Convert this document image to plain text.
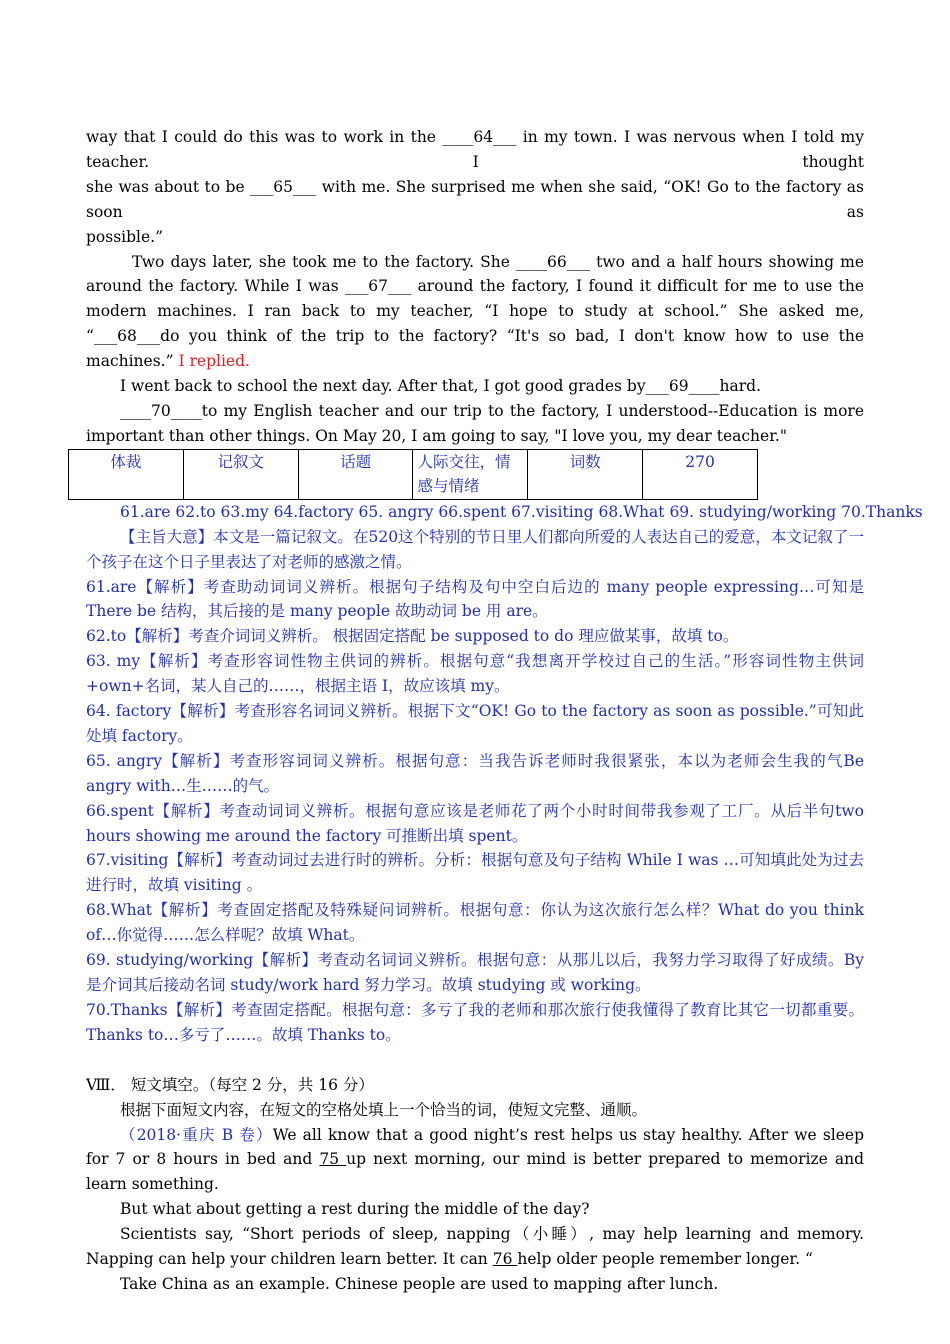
way that I could do this was to work in the ____64___ in my town. I was nervous when I told my teacher. I thought

she was about to be ___65___ with me. She surprised me when she said, “OK! Go to the factory as soon as

possible.”

Two days later, she took me to the factory. She ____66___ two and a half hours showing me around the factory. While I was ___67___ around the factory, I found it difficult for me to use the modern machines. I ran back to my teacher, “I hope to study at school.” She asked me, “___68___do you think of the trip to the factory? “It's so bad, I don't know how to use the machines.” I replied.

I went back to school the next day. After that, I got good grades by___69____hard.

____70____to my English teacher and our trip to the factory, I understood--Education is more important than other things. On May 20, I am going to say, "I love you, my dear teacher."

体裁	记叙文	话题	人际交往，情感与情绪	词数	270

61.are 62.to 63.my 64.factory 65. angry 66.spent 67.visiting 68.What 69. studying/working 70.Thanks

【主旨大意】本文是一篇记叙文。在520这个特别的节日里人们都向所爱的人表达自己的爱意，本文记叙了一个孩子在这个日子里表达了对老师的感激之情。

61.are【解析】考查助动词词义辨析。根据句子结构及句中空白后边的 many people expressing…可知是 There be 结构，其后接的是 many people 故助动词 be 用 are。

62.to【解析】考查介词词义辨析。 根据固定搭配 be supposed to do 理应做某事，故填 to。

63. my【解析】考查形容词性物主供词的辨析。根据句意“我想离开学校过自己的生活。”形容词性物主供词+own+名词，某人自己的……，根据主语 I，故应该填 my。

64. factory【解析】考查形容名词词义辨析。根据下文“OK! Go to the factory as soon as possible.”可知此处填 factory。

65. angry【解析】考查形容词词义辨析。根据句意：当我告诉老师时我很紧张，本以为老师会生我的气Be angry with…生……的气。

66.spent【解析】考查动词词义辨析。根据句意应该是老师花了两个小时时间带我参观了工厂。从后半句two hours showing me around the factory 可推断出填 spent。

67.visiting【解析】考查动词过去进行时的辨析。分析：根据句意及句子结构 While I was …可知填此处为过去进行时，故填 visiting 。

68.What【解析】考查固定搭配及特殊疑问词辨析。根据句意：你认为这次旅行怎么样？What do you think of…你觉得……怎么样呢？故填 What。

69. studying/working【解析】考查动名词词义辨析。根据句意：从那儿以后，我努力学习取得了好成绩。By 是介词其后接动名词 study/work hard 努力学习。故填 studying 或 working。

70.Thanks【解析】考查固定搭配。根据句意：多亏了我的老师和那次旅行使我懂得了教育比其它一切都重要。Thanks to…多亏了……。故填 Thanks to。

Ⅷ． 短文填空。（每空 2 分，共 16 分）

根据下面短文内容，在短文的空格处填上一个恰当的词，使短文完整、通顺。

（2018·重庆 B 卷）We all know that a good night’s rest helps us stay healthy. After we sleep for 7 or 8 hours in bed and 75 up next morning, our mind is better prepared to memorize and learn something.

But what about getting a rest during the middle of the day?

Scientists say, “Short periods of sleep, napping（小睡）, may help learning and memory. Napping can help your children learn better. It can 76 help older people remember longer. “

Take China as an example. Chinese people are used to mapping after lunch.
